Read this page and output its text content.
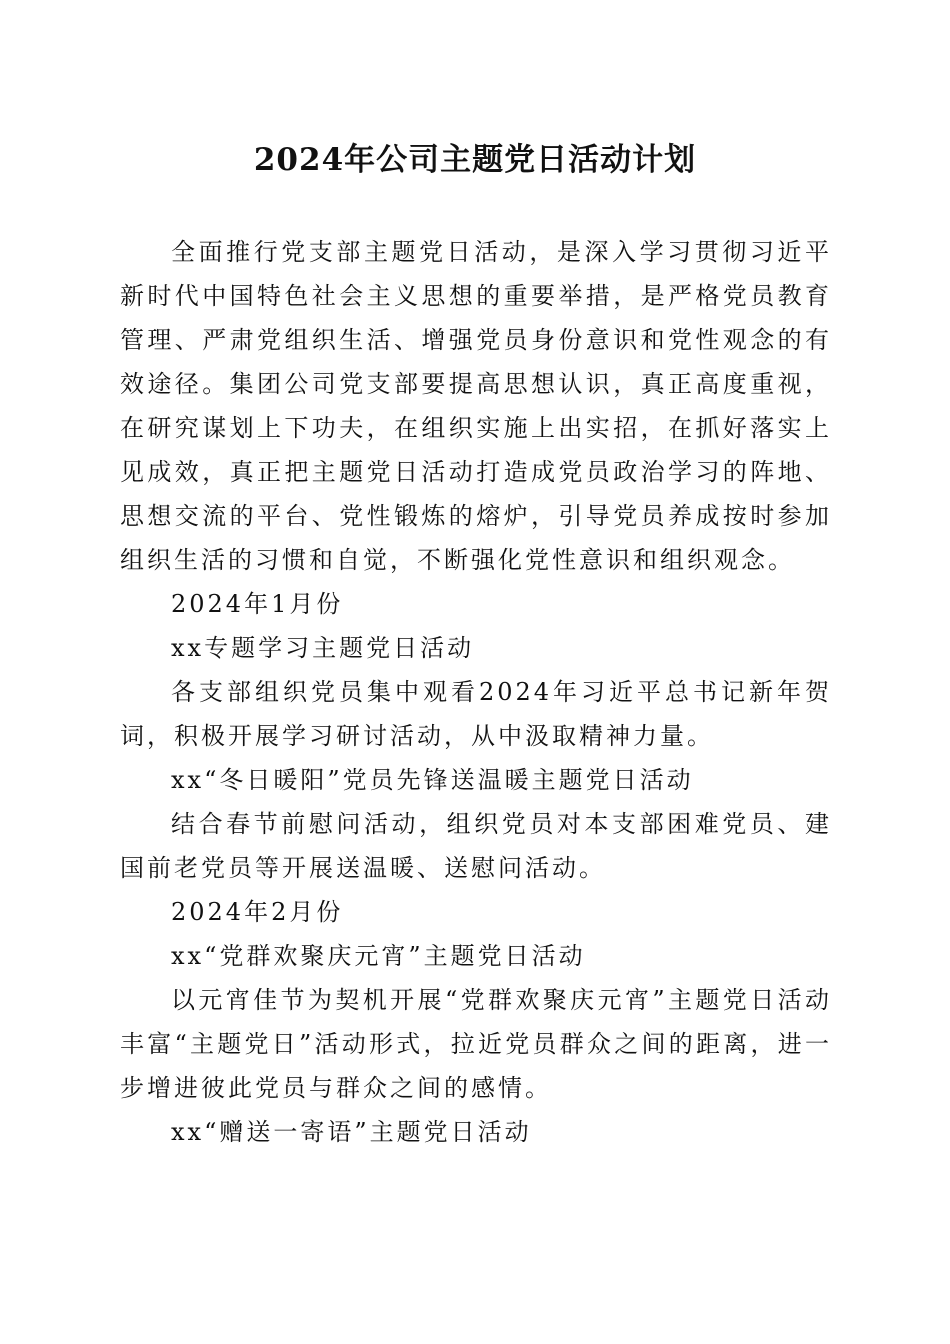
2024年公司主题党日活动计划

全面推行党支部主题党日活动，是深入学习贯彻习近平新时代中国特色社会主义思想的重要举措，是严格党员教育管理、严肃党组织生活、增强党员身份意识和党性观念的有效途径。集团公司党支部要提高思想认识，真正高度重视，在研究谋划上下功夫，在组织实施上出实招，在抓好落实上见成效，真正把主题党日活动打造成党员政治学习的阵地、思想交流的平台、党性锻炼的熔炉，引导党员养成按时参加组织生活的习惯和自觉，不断强化党性意识和组织观念。

2024年1月份

xx专题学习主题党日活动

各支部组织党员集中观看2024年习近平总书记新年贺词，积极开展学习研讨活动，从中汲取精神力量。

xx“冬日暖阳”党员先锋送温暖主题党日活动

结合春节前慰问活动，组织党员对本支部困难党员、建国前老党员等开展送温暖、送慰问活动。

2024年2月份

xx“党群欢聚庆元宵”主题党日活动

以元宵佳节为契机开展“党群欢聚庆元宵”主题党日活动丰富“主题党日”活动形式，拉近党员群众之间的距离，进一步增进彼此党员与群众之间的感情。

xx“赠送一寄语”主题党日活动
